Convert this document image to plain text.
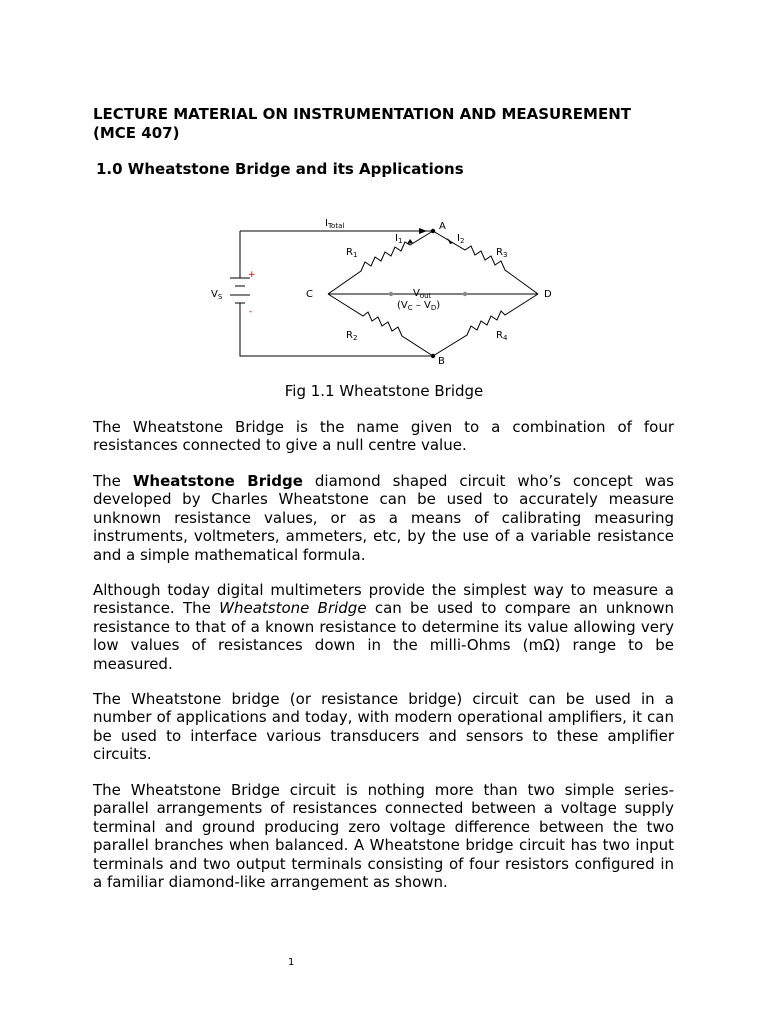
LECTURE MATERIAL ON INSTRUMENTATION AND MEASUREMENT (MCE 407)

1.0 Wheatstone Bridge and its Applications

$I_{Total}$	A
B
C	D
$I_1$	$I_2$
$R_1$	$R_3$
$R_2$	$R_4$
$V_S$
+
-
$V_{out}$
$(V_C - V_D)$

Fig 1.1 Wheatstone Bridge

The Wheatstone Bridge is the name given to a combination of four resistances connected to give a null centre value.

The Wheatstone Bridge diamond shaped circuit who’s concept was developed by Charles Wheatstone can be used to accurately measure unknown resistance values, or as a means of calibrating measuring instruments, voltmeters, ammeters, etc, by the use of a variable resistance and a simple mathematical formula.

Although today digital multimeters provide the simplest way to measure a resistance. The Wheatstone Bridge can be used to compare an unknown resistance to that of a known resistance to determine its value allowing very low values of resistances down in the milli-Ohms (mΩ) range to be measured.

The Wheatstone bridge (or resistance bridge) circuit can be used in a number of applications and today, with modern operational amplifiers, it can be used to interface various transducers and sensors to these amplifier circuits.

The Wheatstone Bridge circuit is nothing more than two simple series-parallel arrangements of resistances connected between a voltage supply terminal and ground producing zero voltage difference between the two parallel branches when balanced. A Wheatstone bridge circuit has two input terminals and two output terminals consisting of four resistors configured in a familiar diamond-like arrangement as shown.

1
